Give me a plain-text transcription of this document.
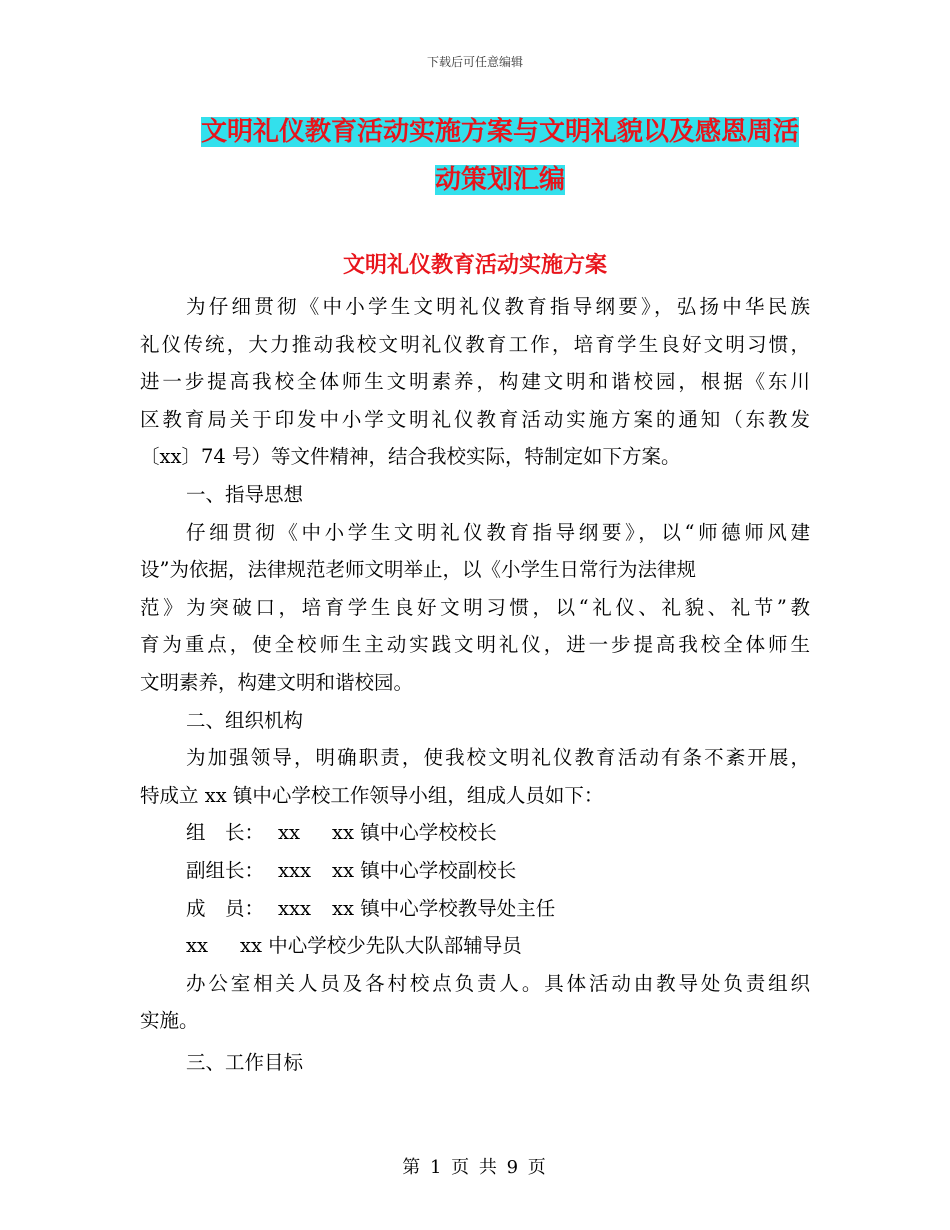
下载后可任意编辑
文明礼仪教育活动实施方案与文明礼貌以及感恩周活
动策划汇编
文明礼仪教育活动实施方案
为仔细贯彻《中小学生文明礼仪教育指导纲要》，弘扬中华民族
礼仪传统，大力推动我校文明礼仪教育工作，培育学生良好文明习惯，
进一步提高我校全体师生文明素养，构建文明和谐校园，根据《东川
区教育局关于印发中小学文明礼仪教育活动实施方案的通知（东教发
〔xx〕74 号）等文件精神，结合我校实际，特制定如下方案。
一、指导思想
仔细贯彻《中小学生文明礼仪教育指导纲要》，以“师德师风建
设”为依据，法律规范老师文明举止，以《小学生日常行为法律规
范》为突破口，培育学生良好文明习惯，以“礼仪、礼貌、礼节”教
育为重点，使全校师生主动实践文明礼仪，进一步提高我校全体师生
文明素养，构建文明和谐校园。
二、组织机构
为加强领导，明确职责，使我校文明礼仪教育活动有条不紊开展，
特成立 xx 镇中心学校工作领导小组，组成人员如下：
组　长： xx xx 镇中心学校校长
副组长： xxx xx 镇中心学校副校长
成　员： xxx xx 镇中心学校教导处主任
xx xx 中心学校少先队大队部辅导员
办公室相关人员及各村校点负责人。具体活动由教导处负责组织
实施。
三、工作目标
第 1 页 共 9 页
